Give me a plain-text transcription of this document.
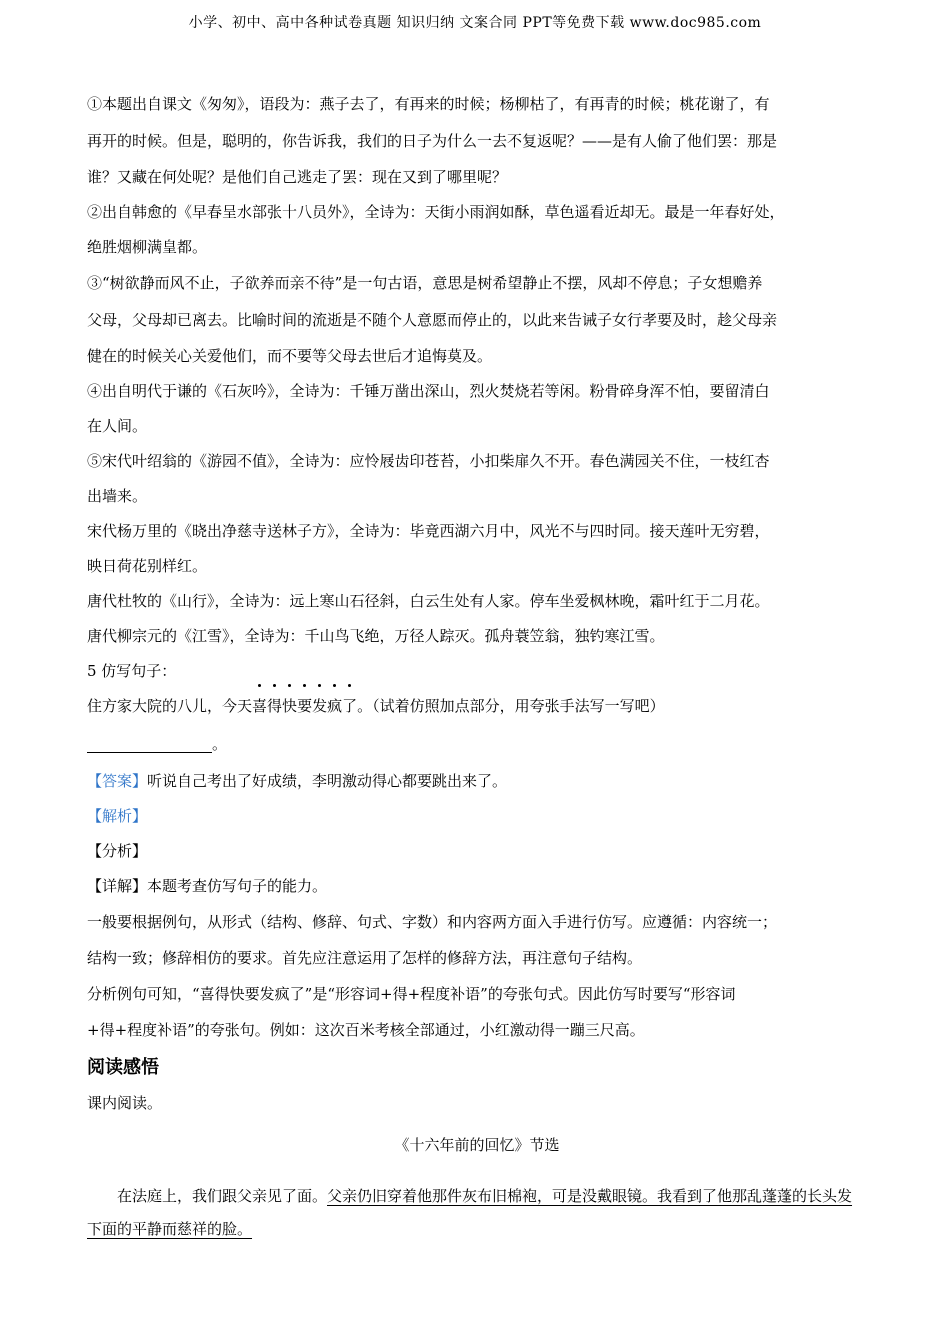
小学、初中、高中各种试卷真题 知识归纳 文案合同 PPT等免费下载 www.doc985.com

①本题出自课文《匆匆》，语段为：燕子去了，有再来的时候；杨柳枯了，有再青的时候；桃花谢了，有

再开的时候。但是，聪明的，你告诉我，我们的日子为什么一去不复返呢？——是有人偷了他们罢：那是

谁？又藏在何处呢？是他们自己逃走了罢：现在又到了哪里呢？

②出自韩愈的《早春呈水部张十八员外》，全诗为：天街小雨润如酥，草色遥看近却无。最是一年春好处，

绝胜烟柳满皇都。

③“树欲静而风不止，子欲养而亲不待”是一句古语，意思是树希望静止不摆，风却不停息；子女想赡养

父母，父母却已离去。比喻时间的流逝是不随个人意愿而停止的，以此来告诫子女行孝要及时，趁父母亲

健在的时候关心关爱他们，而不要等父母去世后才追悔莫及。

④出自明代于谦的《石灰吟》，全诗为：千锤万凿出深山，烈火焚烧若等闲。粉骨碎身浑不怕，要留清白

在人间。

⑤宋代叶绍翁的《游园不值》，全诗为：应怜屐齿印苍苔，小扣柴扉久不开。春色满园关不住，一枝红杏

出墙来。

宋代杨万里的《晓出净慈寺送林子方》，全诗为：毕竟西湖六月中，风光不与四时同。接天莲叶无穷碧，

映日荷花别样红。

唐代杜牧的《山行》，全诗为：远上寒山石径斜，白云生处有人家。停车坐爱枫林晚，霜叶红于二月花。

唐代柳宗元的《江雪》，全诗为：千山鸟飞绝，万径人踪灭。孤舟蓑笠翁，独钓寒江雪。

5 仿写句子：

住方家大院的八儿，今天喜得快要发疯了。（试着仿照加点部分，用夸张手法写一写吧）

。

【答案】听说自己考出了好成绩，李明激动得心都要跳出来了。

【解析】

【分析】

【详解】本题考查仿写句子的能力。

一般要根据例句，从形式（结构、修辞、句式、字数）和内容两方面入手进行仿写。应遵循：内容统一；

结构一致；修辞相仿的要求。首先应注意运用了怎样的修辞方法，再注意句子结构。

分析例句可知，“喜得快要发疯了”是“形容词+得+程度补语”的夸张句式。因此仿写时要写“形容词

+得+程度补语”的夸张句。例如：这次百米考核全部通过，小红激动得一蹦三尺高。

阅读感悟

课内阅读。

《十六年前的回忆》节选

在法庭上，我们跟父亲见了面。父亲仍旧穿着他那件灰布旧棉袍，可是没戴眼镜。我看到了他那乱蓬蓬的长头发下面的平静而慈祥的脸。
